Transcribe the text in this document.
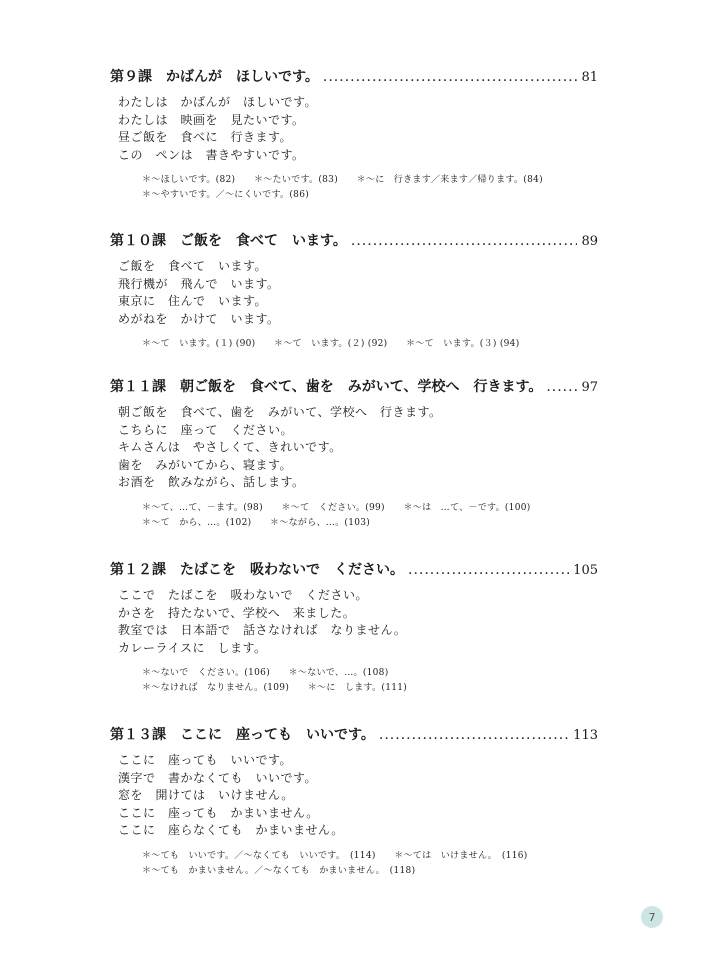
第９課　かばんが　ほしいです。 .....	81
わたしは　かばんが　ほしいです。
わたしは　映画を　見たいです。
昼ご飯を　食べに　行きます。
この　ペンは　書きやすいです。
＊～ほしいです。(82)　　＊～たいです。(83)　　＊～に　行きます／来ます／帰ります。(84)
＊～やすいです。／～にくいです。(86)
第１０課　ご飯を　食べて　います。 .....	89
ご飯を　食べて　います。
飛行機が　飛んで　います。
東京に　住んで　います。
めがねを　かけて　います。
＊～て　います。(１) (90)　　＊～て　います。(２) (92)　　＊～て　います。(３) (94)
第１１課　朝ご飯を　食べて、歯を　みがいて、学校へ　行きます。 .....	97
朝ご飯を　食べて、歯を　みがいて、学校へ　行きます。
こちらに　座って　ください。
キムさんは　やさしくて、きれいです。
歯を　みがいてから、寝ます。
お酒を　飲みながら、話します。
＊～て、…て、－ます。(98)　　＊～て　ください。(99)　　＊～は　…て、－です。(100)
＊～て　から、…。(102)　　＊～ながら、…。(103)
第１２課　たばこを　吸わないで　ください。 .....	105
ここで　たばこを　吸わないで　ください。
かさを　持たないで、学校へ　来ました。
教室では　日本語で　話さなければ　なりません。
カレーライスに　します。
＊～ないで　ください。(106)　　＊～ないで、…。(108)
＊～なければ　なりません。(109)　　＊～に　します。(111)
第１３課　ここに　座っても　いいです。 .....	113
ここに　座っても　いいです。
漢字で　書かなくても　いいです。
窓を　開けては　いけません。
ここに　座っても　かまいません。
ここに　座らなくても　かまいません。
＊～ても　いいです。／～なくても　いいです。　(114)　　＊～ては　いけません。　(116)
＊～ても　かまいません。／～なくても　かまいません。　(118)
7
